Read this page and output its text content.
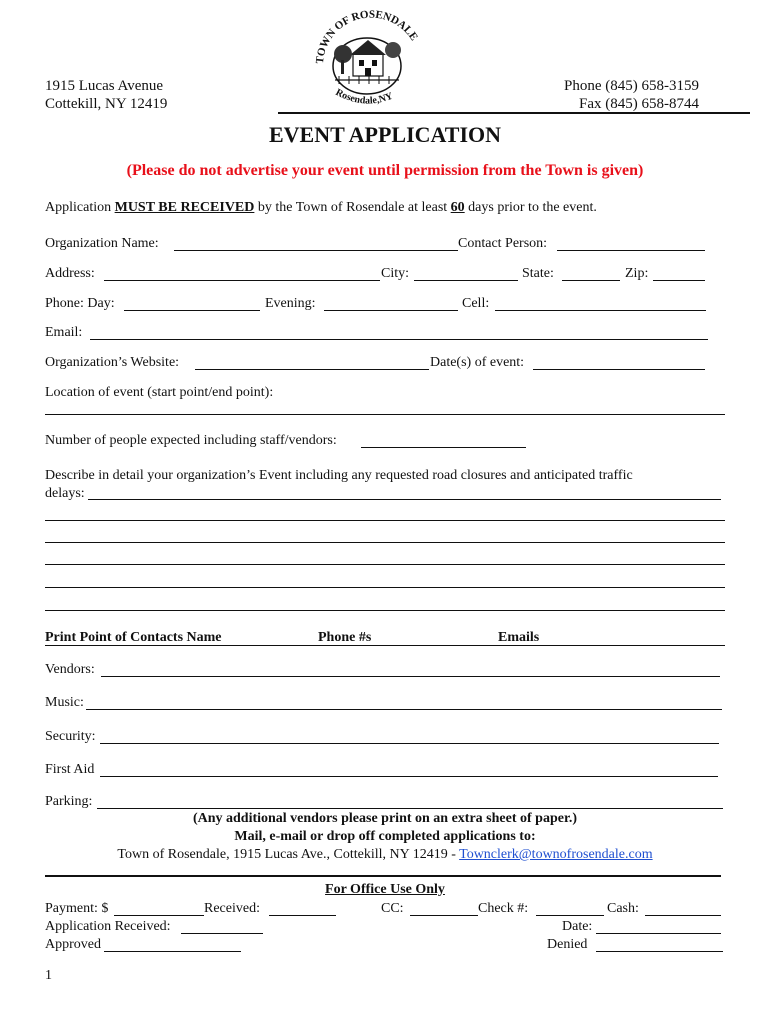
1915 Lucas Avenue
Cottekill, NY 12419
Phone (845) 658-3159
Fax (845) 658-8744
TOWN OF ROSENDALE
Rosendale,NY
EVENT APPLICATION
(Please do not advertise your event until permission from the Town is given)
Application MUST BE RECEIVED by the Town of Rosendale at least 60 days prior to the event.
Organization Name:	Contact Person:
Address:	City:	State:	Zip:
Phone: Day:	Evening:	Cell:
Email:
Organization’s Website:	Date(s) of event:
Location of event (start point/end point):
Number of people expected including staff/vendors:
Describe in detail your organization’s Event including any requested road closures and anticipated traffic
delays:
Print Point of Contacts Name	Phone #s	Emails
Vendors:
Music:
Security:
First Aid
Parking:
(Any additional vendors please print on an extra sheet of paper.)
Mail, e-mail or drop off completed applications to:
Town of Rosendale, 1915 Lucas Ave., Cottekill, NY 12419 - Townclerk@townofrosendale.com
For Office Use Only
Payment: $	Received:	CC:	Check #:	Cash:
Application Received:	Date:
Approved	Denied
1
